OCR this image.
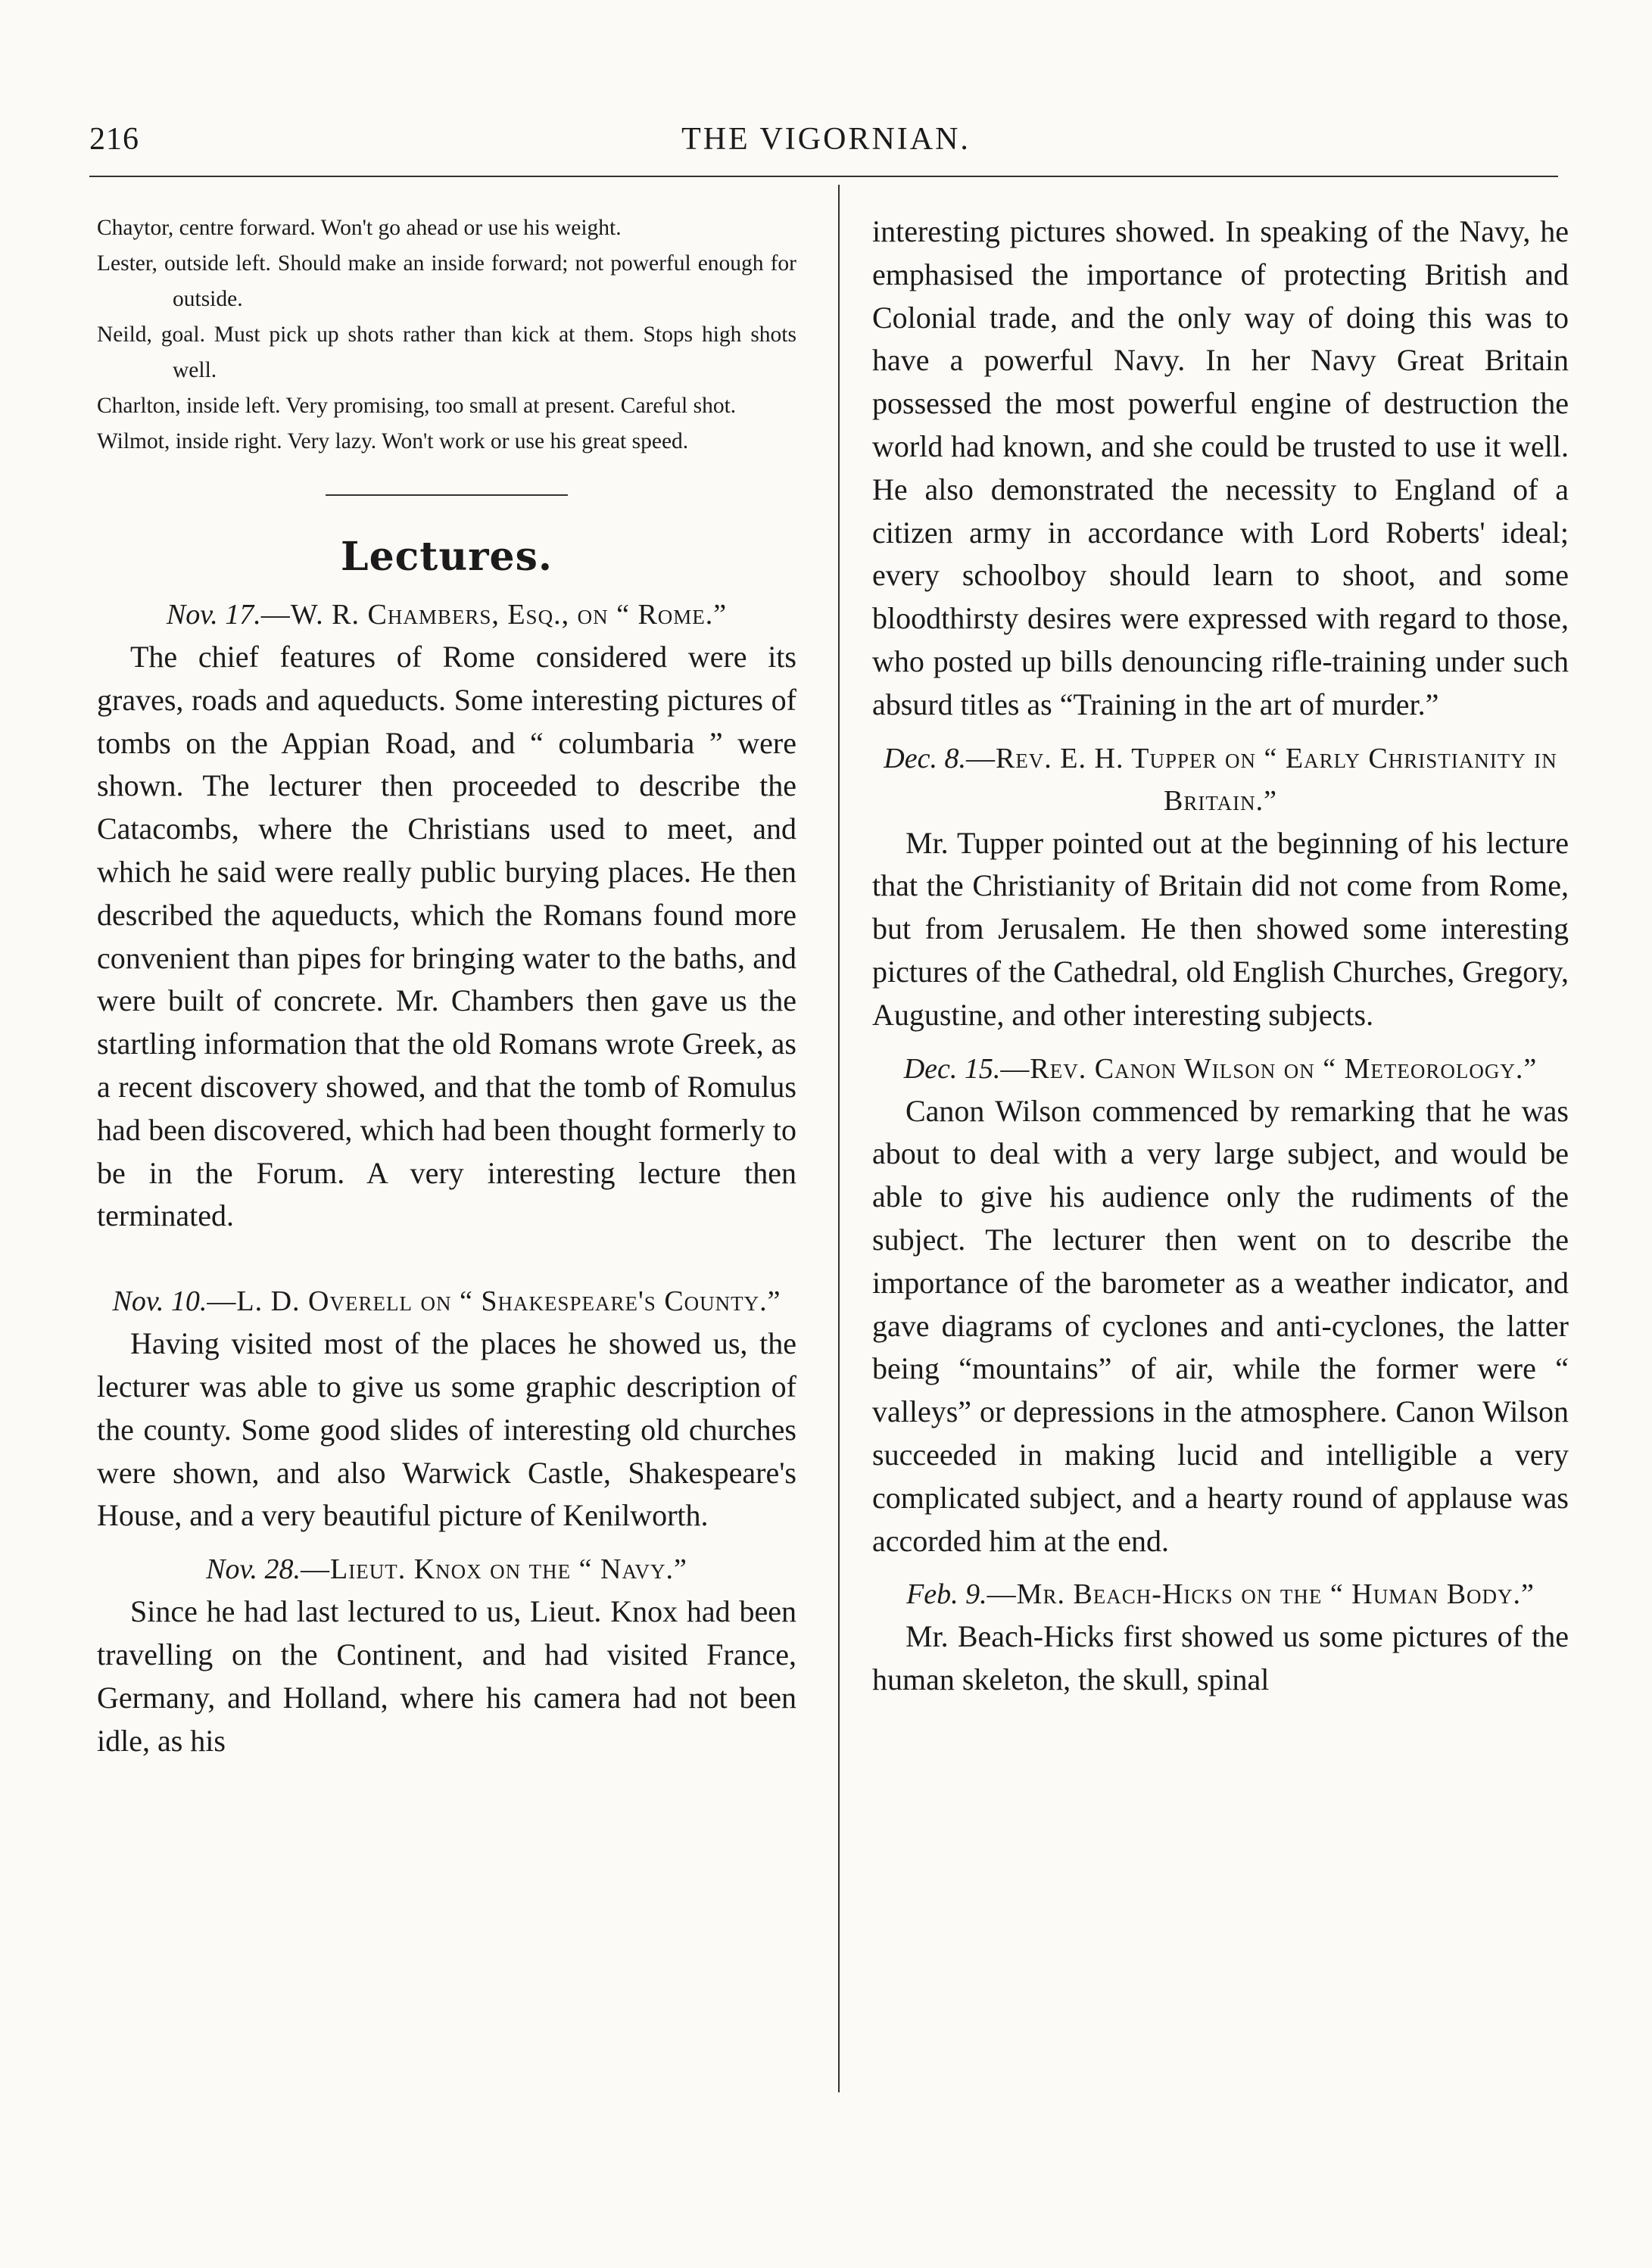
216	THE VIGORNIAN.

Chaytor, centre forward. Won't go ahead or use his weight.

Lester, outside left. Should make an inside forward; not powerful enough for outside.

Neild, goal. Must pick up shots rather than kick at them. Stops high shots well.

Charlton, inside left. Very promising, too small at present. Careful shot.

Wilmot, inside right. Very lazy. Won't work or use his great speed.

Lectures.

Nov. 17.—W. R. Chambers, Esq., on “ Rome.”

The chief features of Rome considered were its graves, roads and aqueducts. Some interesting pictures of tombs on the Appian Road, and “ columbaria ” were shown. The lecturer then proceeded to describe the Catacombs, where the Christians used to meet, and which he said were really public burying places. He then described the aqueducts, which the Romans found more convenient than pipes for bringing water to the baths, and were built of concrete. Mr. Chambers then gave us the startling information that the old Romans wrote Greek, as a recent discovery showed, and that the tomb of Romulus had been discovered, which had been thought formerly to be in the Forum. A very interesting lecture then terminated.

Nov. 10.—L. D. Overell on “ Shakespeare's County.”

Having visited most of the places he showed us, the lecturer was able to give us some graphic description of the county. Some good slides of interesting old churches were shown, and also Warwick Castle, Shakespeare's House, and a very beautiful picture of Kenilworth.

Nov. 28.—Lieut. Knox on the “ Navy.”

Since he had last lectured to us, Lieut. Knox had been travelling on the Continent, and had visited France, Germany, and Holland, where his camera had not been idle, as his

interesting pictures showed. In speaking of the Navy, he emphasised the importance of protecting British and Colonial trade, and the only way of doing this was to have a powerful Navy. In her Navy Great Britain possessed the most powerful engine of destruction the world had known, and she could be trusted to use it well. He also demonstrated the necessity to England of a citizen army in accordance with Lord Roberts' ideal; every schoolboy should learn to shoot, and some bloodthirsty desires were expressed with regard to those, who posted up bills denouncing rifle-training under such absurd titles as “Training in the art of murder.”

Dec. 8.—Rev. E. H. Tupper on “ Early Christianity in Britain.”

Mr. Tupper pointed out at the beginning of his lecture that the Christianity of Britain did not come from Rome, but from Jerusalem. He then showed some interesting pictures of the Cathedral, old English Churches, Gregory, Augustine, and other interesting subjects.

Dec. 15.—Rev. Canon Wilson on “ Meteorology.”

Canon Wilson commenced by remarking that he was about to deal with a very large subject, and would be able to give his audience only the rudiments of the subject. The lecturer then went on to describe the importance of the barometer as a weather indicator, and gave diagrams of cyclones and anti-cyclones, the latter being “mountains” of air, while the former were “ valleys” or depressions in the atmosphere. Canon Wilson succeeded in making lucid and intelligible a very complicated subject, and a hearty round of applause was accorded him at the end.

Feb. 9.—Mr. Beach-Hicks on the “ Human Body.”

Mr. Beach-Hicks first showed us some pictures of the human skeleton, the skull, spinal
